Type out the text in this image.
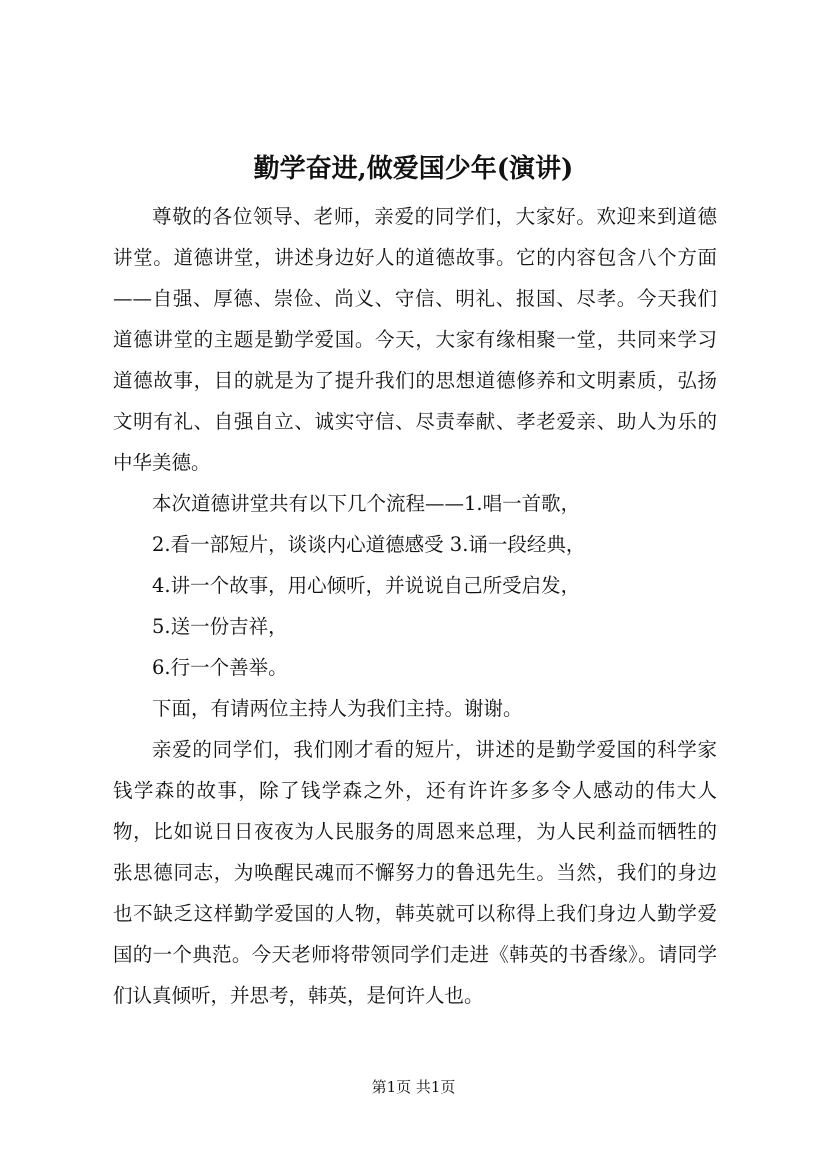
勤学奋进,做爱国少年(演讲)

尊敬的各位领导、老师，亲爱的同学们，大家好。欢迎来到道德讲堂。道德讲堂，讲述身边好人的道德故事。它的内容包含八个方面——自强、厚德、崇俭、尚义、守信、明礼、报国、尽孝。今天我们道德讲堂的主题是勤学爱国。今天，大家有缘相聚一堂，共同来学习道德故事，目的就是为了提升我们的思想道德修养和文明素质，弘扬文明有礼、自强自立、诚实守信、尽责奉献、孝老爱亲、助人为乐的中华美德。

本次道德讲堂共有以下几个流程——1.唱一首歌，

2.看一部短片，谈谈内心道德感受 3.诵一段经典，

4.讲一个故事，用心倾听，并说说自己所受启发，

5.送一份吉祥，

6.行一个善举。

下面，有请两位主持人为我们主持。谢谢。

亲爱的同学们，我们刚才看的短片，讲述的是勤学爱国的科学家钱学森的故事，除了钱学森之外，还有许许多多令人感动的伟大人物，比如说日日夜夜为人民服务的周恩来总理，为人民利益而牺牲的张思德同志，为唤醒民魂而不懈努力的鲁迅先生。当然，我们的身边也不缺乏这样勤学爱国的人物，韩英就可以称得上我们身边人勤学爱国的一个典范。今天老师将带领同学们走进《韩英的书香缘》。请同学们认真倾听，并思考，韩英，是何许人也。

第1页 共1页
